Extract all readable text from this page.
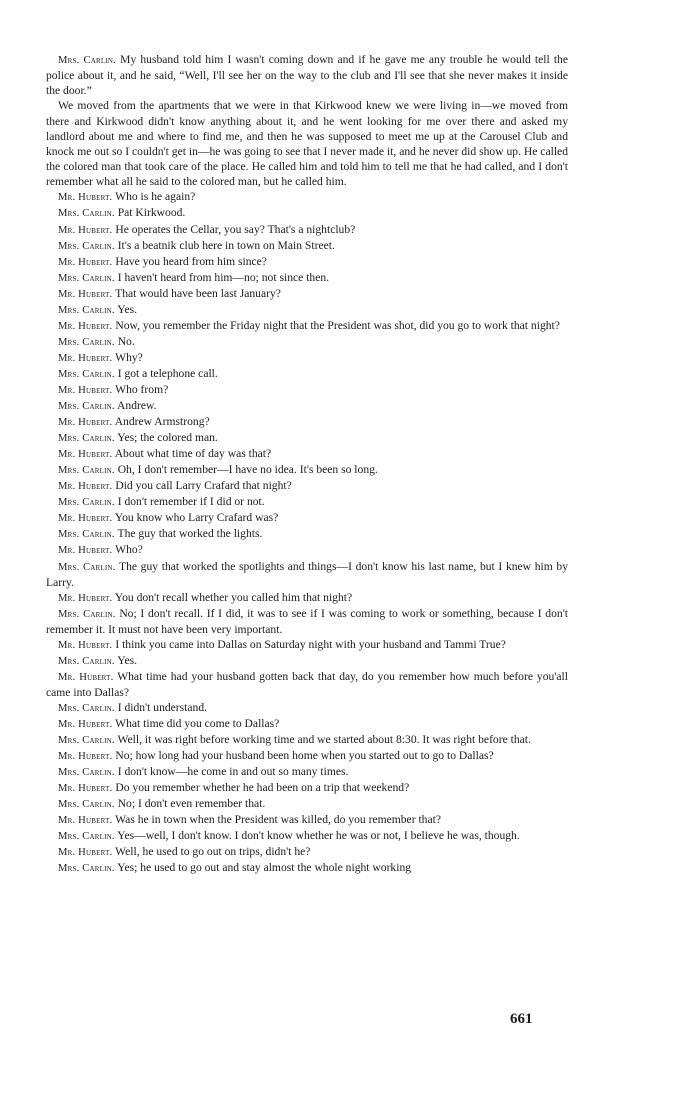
Mrs. Carlin. My husband told him I wasn't coming down and if he gave me any trouble he would tell the police about it, and he said, “Well, I'll see her on the way to the club and I'll see that she never makes it inside the door.”

We moved from the apartments that we were in that Kirkwood knew we were living in—we moved from there and Kirkwood didn't know anything about it, and he went looking for me over there and asked my landlord about me and where to find me, and then he was supposed to meet me up at the Carousel Club and knock me out so I couldn't get in—he was going to see that I never made it, and he never did show up. He called the colored man that took care of the place. He called him and told him to tell me that he had called, and I don't remember what all he said to the colored man, but he called him.

Mr. Hubert. Who is he again?

Mrs. Carlin. Pat Kirkwood.

Mr. Hubert. He operates the Cellar, you say? That's a nightclub?

Mrs. Carlin. It's a beatnik club here in town on Main Street.

Mr. Hubert. Have you heard from him since?

Mrs. Carlin. I haven't heard from him—no; not since then.

Mr. Hubert. That would have been last January?

Mrs. Carlin. Yes.

Mr. Hubert. Now, you remember the Friday night that the President was shot, did you go to work that night?

Mrs. Carlin. No.

Mr. Hubert. Why?

Mrs. Carlin. I got a telephone call.

Mr. Hubert. Who from?

Mrs. Carlin. Andrew.

Mr. Hubert. Andrew Armstrong?

Mrs. Carlin. Yes; the colored man.

Mr. Hubert. About what time of day was that?

Mrs. Carlin. Oh, I don't remember—I have no idea. It's been so long.

Mr. Hubert. Did you call Larry Crafard that night?

Mrs. Carlin. I don't remember if I did or not.

Mr. Hubert. You know who Larry Crafard was?

Mrs. Carlin. The guy that worked the lights.

Mr. Hubert. Who?

Mrs. Carlin. The guy that worked the spotlights and things—I don't know his last name, but I knew him by Larry.

Mr. Hubert. You don't recall whether you called him that night?

Mrs. Carlin. No; I don't recall. If I did, it was to see if I was coming to work or something, because I don't remember it. It must not have been very important.

Mr. Hubert. I think you came into Dallas on Saturday night with your husband and Tammi True?

Mrs. Carlin. Yes.

Mr. Hubert. What time had your husband gotten back that day, do you remember how much before you'all came into Dallas?

Mrs. Carlin. I didn't understand.

Mr. Hubert. What time did you come to Dallas?

Mrs. Carlin. Well, it was right before working time and we started about 8:30. It was right before that.

Mr. Hubert. No; how long had your husband been home when you started out to go to Dallas?

Mrs. Carlin. I don't know—he come in and out so many times.

Mr. Hubert. Do you remember whether he had been on a trip that weekend?

Mrs. Carlin. No; I don't even remember that.

Mr. Hubert. Was he in town when the President was killed, do you remember that?

Mrs. Carlin. Yes—well, I don't know. I don't know whether he was or not, I believe he was, though.

Mr. Hubert. Well, he used to go out on trips, didn't he?

Mrs. Carlin. Yes; he used to go out and stay almost the whole night working

661
